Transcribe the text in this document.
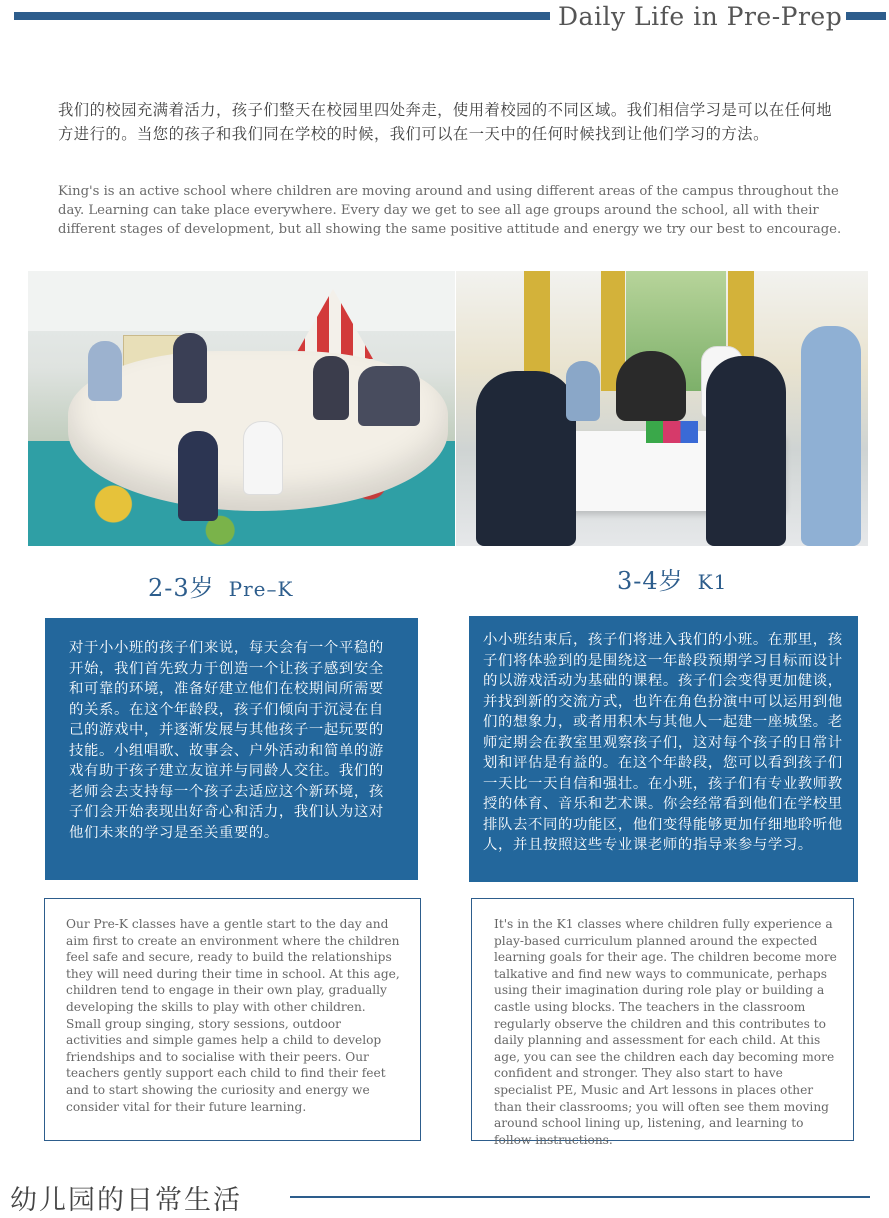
Daily Life in Pre-Prep
我们的校园充满着活力，孩子们整天在校园里四处奔走，使用着校园的不同区域。我们相信学习是可以在任何地方进行的。当您的孩子和我们同在学校的时候，我们可以在一天中的任何时候找到让他们学习的方法。
King's is an active school where children are moving around and using different areas of the campus throughout the day. Learning can take place everywhere. Every day we get to see all age groups around the school, all with their different stages of development, but all showing the same positive attitude and energy we try our best to encourage.
2-3岁 Pre–K	3-4岁 K1
对于小小班的孩子们来说，每天会有一个平稳的开始，我们首先致力于创造一个让孩子感到安全和可靠的环境，准备好建立他们在校期间所需要的关系。在这个年龄段，孩子们倾向于沉浸在自己的游戏中，并逐渐发展与其他孩子一起玩要的技能。小组唱歌、故事会、户外活动和简单的游戏有助于孩子建立友谊并与同龄人交往。我们的老师会去支持每一个孩子去适应这个新环境，孩子们会开始表现出好奇心和活力，我们认为这对他们未来的学习是至关重要的。
小小班结束后，孩子们将进入我们的小班。在那里，孩子们将体验到的是围绕这一年龄段预期学习目标而设计的以游戏活动为基础的课程。孩子们会变得更加健谈，并找到新的交流方式，也许在角色扮演中可以运用到他们的想象力，或者用积木与其他人一起建一座城堡。老师定期会在教室里观察孩子们，这对每个孩子的日常计划和评估是有益的。在这个年龄段，您可以看到孩子们一天比一天自信和强壮。在小班，孩子们有专业教师教授的体育、音乐和艺术课。你会经常看到他们在学校里排队去不同的功能区，他们变得能够更加仔细地聆听他人，并且按照这些专业课老师的指导来参与学习。
Our Pre-K classes have a gentle start to the day and aim first to create an environment where the children feel safe and secure, ready to build the relationships they will need during their time in school. At this age, children tend to engage in their own play, gradually developing the skills to play with other children. Small group singing, story sessions, outdoor activities and simple games help a child to develop friendships and to socialise with their peers. Our teachers gently support each child to find their feet and to start showing the curiosity and energy we consider vital for their future learning.
It's in the K1 classes where children fully experience a play-based curriculum planned around the expected learning goals for their age. The children become more talkative and find new ways to communicate, perhaps using their imagination during role play or building a castle using blocks. The teachers in the classroom regularly observe the children and this contributes to daily planning and assessment for each child. At this age, you can see the children each day becoming more confident and stronger. They also start to have specialist PE, Music and Art lessons in places other than their classrooms; you will often see them moving around school lining up, listening, and learning to follow instructions.
幼儿园的日常生活
